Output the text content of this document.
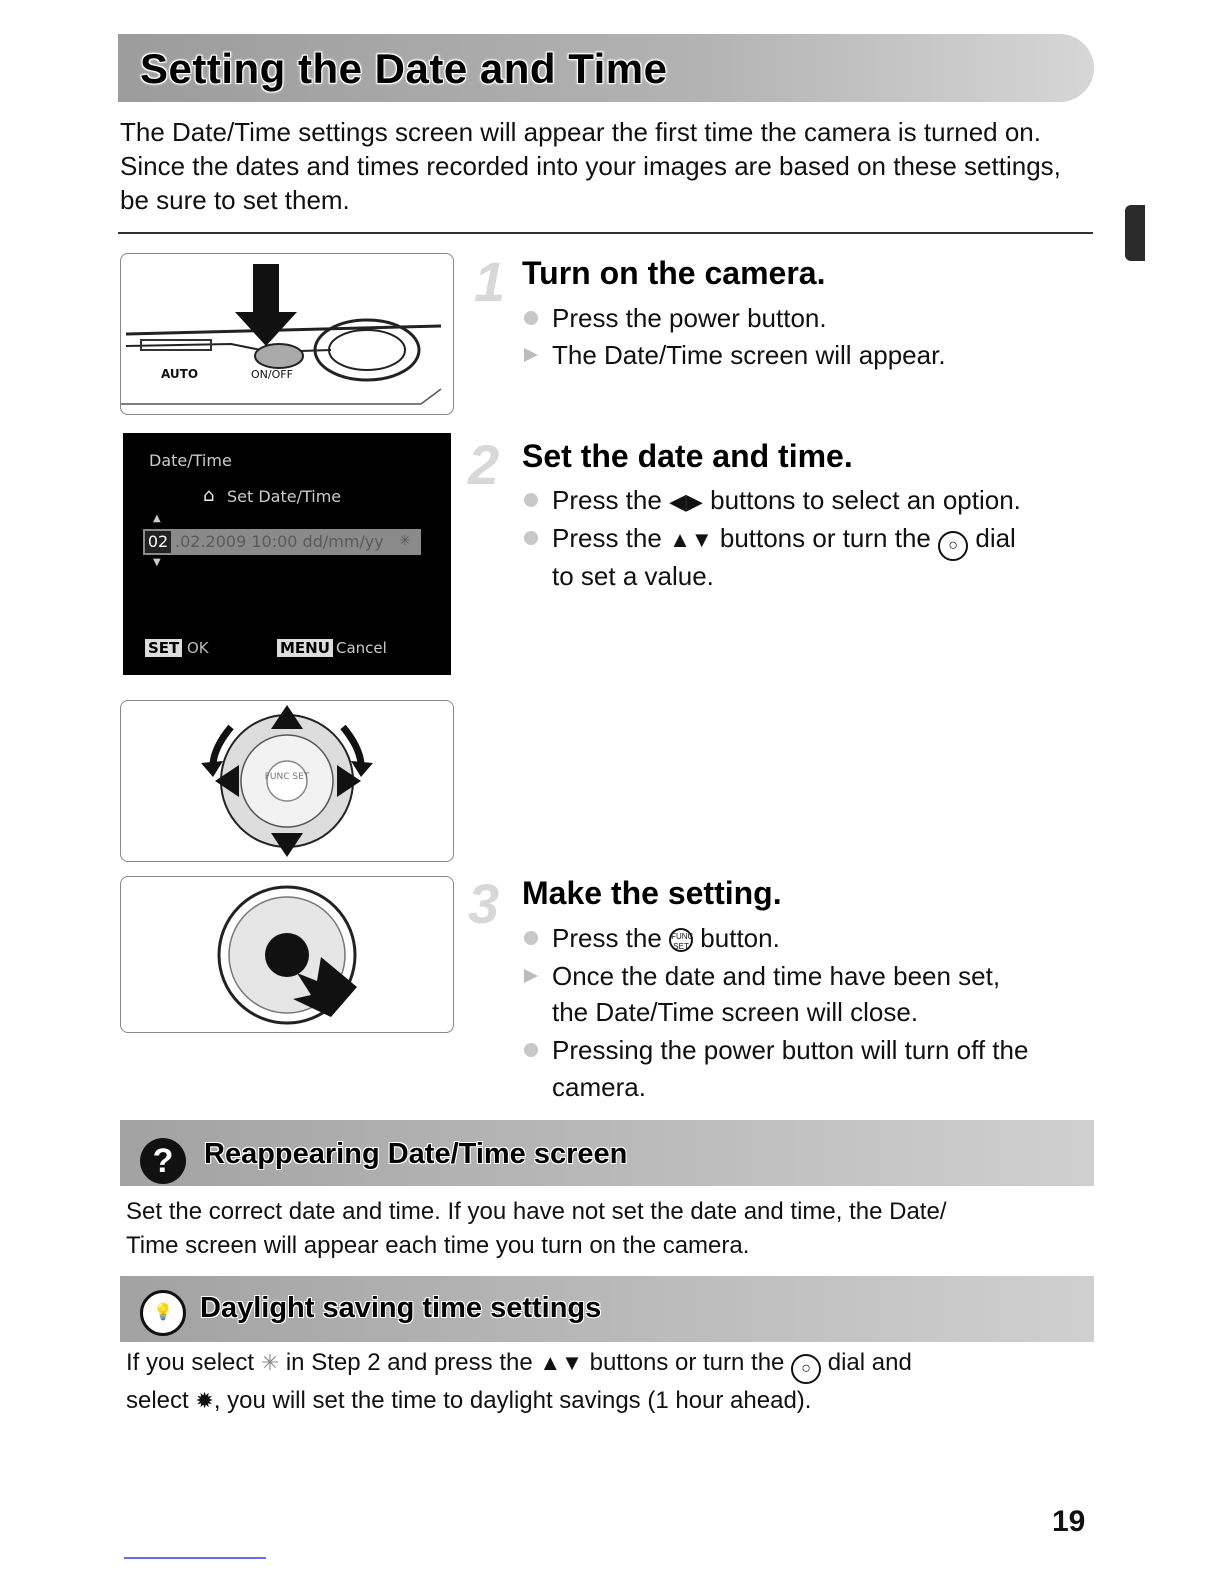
Setting the Date and Time
The Date/Time settings screen will appear the first time the camera is turned on. Since the dates and times recorded into your images are based on these settings, be sure to set them.
AUTO	ON/OFF
Date/Time
⌂ Set Date/Time
▲
02 .02.2009 10:00 dd/mm/yy ✳
▼
SET OK	MENU Cancel
FUNC SET
1 Turn on the camera.
Press the power button.
The Date/Time screen will appear.
2 Set the date and time.
Press the ◀▶ buttons to select an option.
Press the ▲▼ buttons or turn the ○ dial
to set a value.
3 Make the setting.
Press the FUNC
SET button.
Once the date and time have been set,
the Date/Time screen will close.
Pressing the power button will turn off the
camera.
?	Reappearing Date/Time screen
Set the correct date and time. If you have not set the date and time, the Date/
Time screen will appear each time you turn on the camera.
💡 Daylight saving time settings
If you select ✳ in Step 2 and press the ▲▼ buttons or turn the ○ dial and
select ✹, you will set the time to daylight savings (1 hour ahead).
19
